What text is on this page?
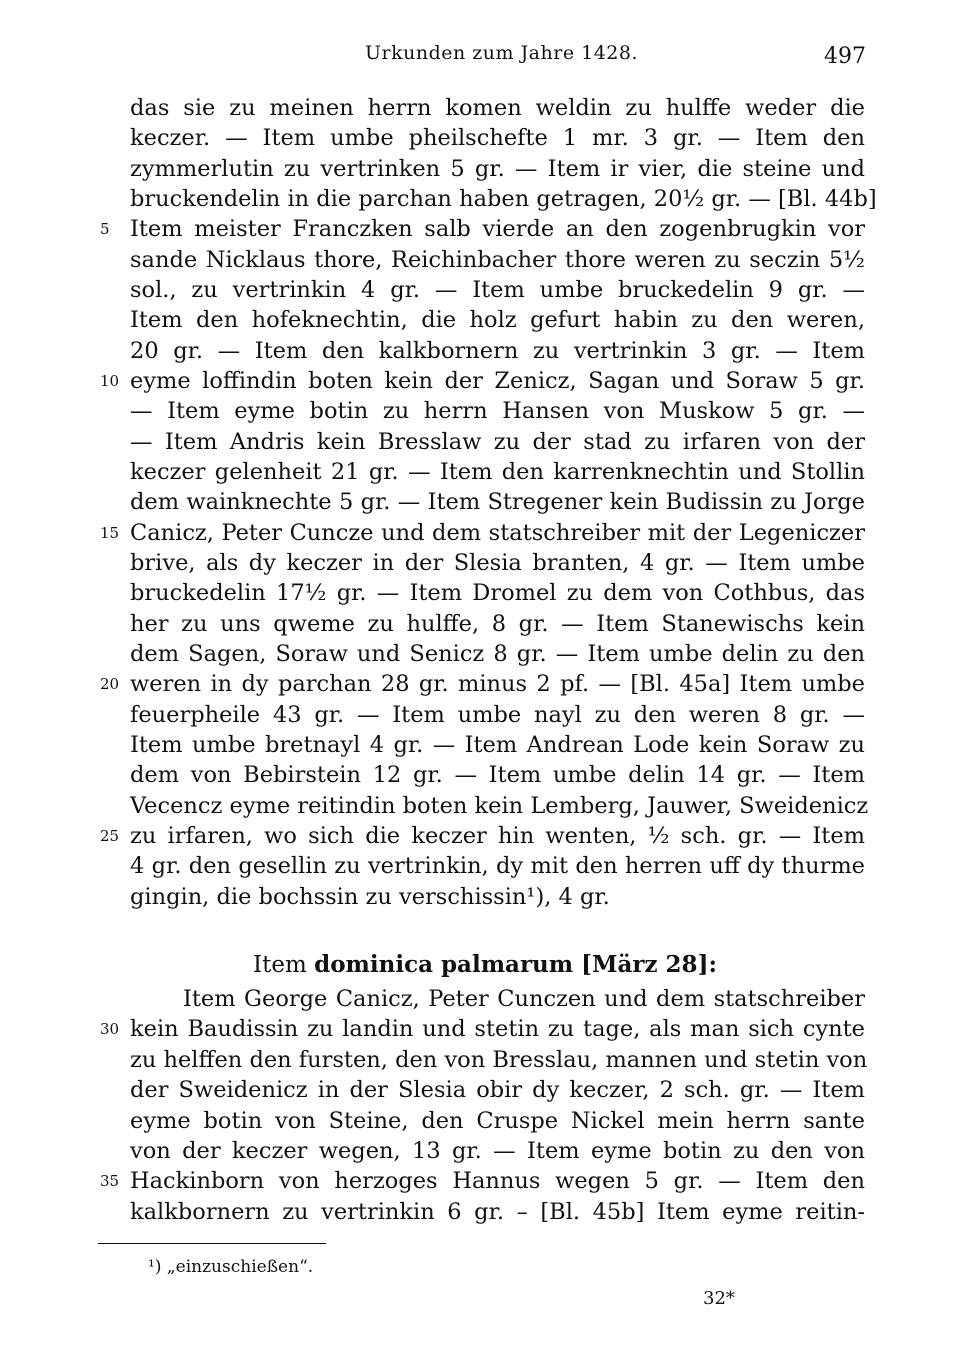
Urkunden zum Jahre 1428.	497
das sie zu meinen herrn komen weldin zu hulffe weder die
keczer. — Item umbe pheilschefte 1 mr. 3 gr. — Item den
zymmerlutin zu vertrinken 5 gr. — Item ir vier, die steine und
bruckendelin in die parchan haben getragen, 20½ gr. — [Bl. 44b]
Item meister Franczken salb vierde an den zogenbrugkin vor
sande Nicklaus thore, Reichinbacher thore weren zu seczin 5½
sol., zu vertrinkin 4 gr. — Item umbe bruckedelin 9 gr. —
Item den hofeknechtin, die holz gefurt habin zu den weren,
20 gr. — Item den kalkbornern zu vertrinkin 3 gr. — Item
eyme loffindin boten kein der Zenicz, Sagan und Soraw 5 gr.
— Item eyme botin zu herrn Hansen von Muskow 5 gr. —
— Item Andris kein Bresslaw zu der stad zu irfaren von der
keczer gelenheit 21 gr. — Item den karrenknechtin und Stollin
dem wainknechte 5 gr. — Item Stregener kein Budissin zu Jorge
Canicz, Peter Cuncze und dem statschreiber mit der Legeniczer
brive, als dy keczer in der Slesia branten, 4 gr. — Item umbe
bruckedelin 17½ gr. — Item Dromel zu dem von Cothbus, das
her zu uns qweme zu hulffe, 8 gr. — Item Stanewischs kein
dem Sagen, Soraw und Senicz 8 gr. — Item umbe delin zu den
weren in dy parchan 28 gr. minus 2 pf. — [Bl. 45a] Item umbe
feuerpheile 43 gr. — Item umbe nayl zu den weren 8 gr. —
Item umbe bretnayl 4 gr. — Item Andrean Lode kein Soraw zu
dem von Bebirstein 12 gr. — Item umbe delin 14 gr. — Item
Vecencz eyme reitindin boten kein Lemberg, Jauwer, Sweidenicz
zu irfaren, wo sich die keczer hin wenten, ½ sch. gr. — Item
4 gr. den gesellin zu vertrinkin, dy mit den herren uff dy thurme
gingin, die bochssin zu verschissin¹), 4 gr.
Item dominica palmarum [März 28]:
Item George Canicz, Peter Cunczen und dem statschreiber
kein Baudissin zu landin und stetin zu tage, als man sich cynte
zu helffen den fursten, den von Bresslau, mannen und stetin von
der Sweidenicz in der Slesia obir dy keczer, 2 sch. gr. — Item
eyme botin von Steine, den Cruspe Nickel mein herrn sante
von der keczer wegen, 13 gr. — Item eyme botin zu den von
Hackinborn von herzoges Hannus wegen 5 gr. — Item den
kalkbornern zu vertrinkin 6 gr. – [Bl. 45b] Item eyme reitin-
5
10
15
20
25
30
35
¹) „einzuschießen“.
32*
